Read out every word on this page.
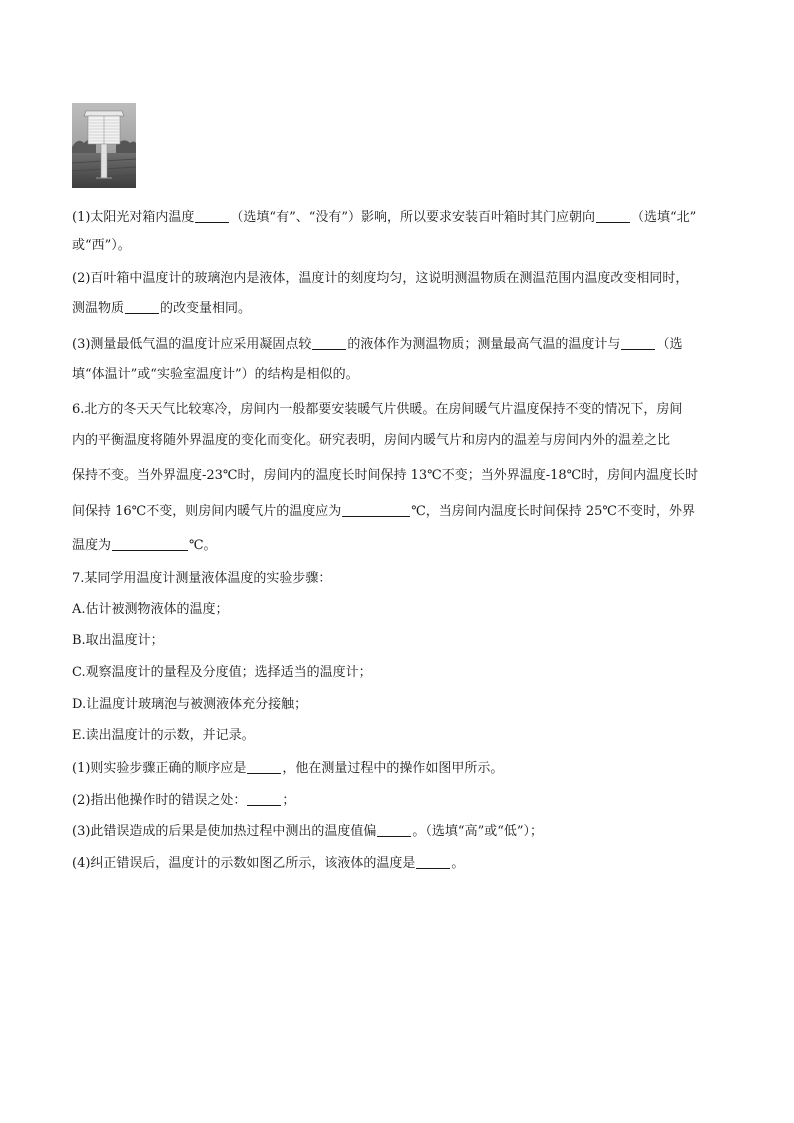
(1)太阳光对箱内温度	（选填“有”、“没有”）影响，所以要求安装百叶箱时其门应朝向	（选填“北”
或“西”）。
(2)百叶箱中温度计的玻璃泡内是液体，温度计的刻度均匀，这说明测温物质在测温范围内温度改变相同时，
测温物质	的改变量相同。
(3)测量最低气温的温度计应采用凝固点较	的液体作为测温物质；测量最高气温的温度计与	（选
填“体温计”或“实验室温度计”）的结构是相似的。
6.北方的冬天天气比较寒冷，房间内一般都要安装暖气片供暖。在房间暖气片温度保持不变的情况下，房间
内的平衡温度将随外界温度的变化而变化。研究表明，房间内暖气片和房内的温差与房间内外的温差之比
保持不变。当外界温度-23℃时，房间内的温度长时间保持 13℃不变；当外界温度-18℃时，房间内温度长时
间保持 16℃不变，则房间内暖气片的温度应为	℃，当房间内温度长时间保持 25℃不变时，外界
温度为	℃。
7.某同学用温度计测量液体温度的实验步骤：
A.估计被测物液体的温度；
B.取出温度计；
C.观察温度计的量程及分度值；选择适当的温度计；
D.让温度计玻璃泡与被测液体充分接触；
E.读出温度计的示数，并记录。
(1)则实验步骤正确的顺序应是	，他在测量过程中的操作如图甲所示。
(2)指出他操作时的错误之处：	；
(3)此错误造成的后果是使加热过程中测出的温度值偏	。（选填“高”或“低”）；
(4)纠正错误后，温度计的示数如图乙所示，该液体的温度是	。
